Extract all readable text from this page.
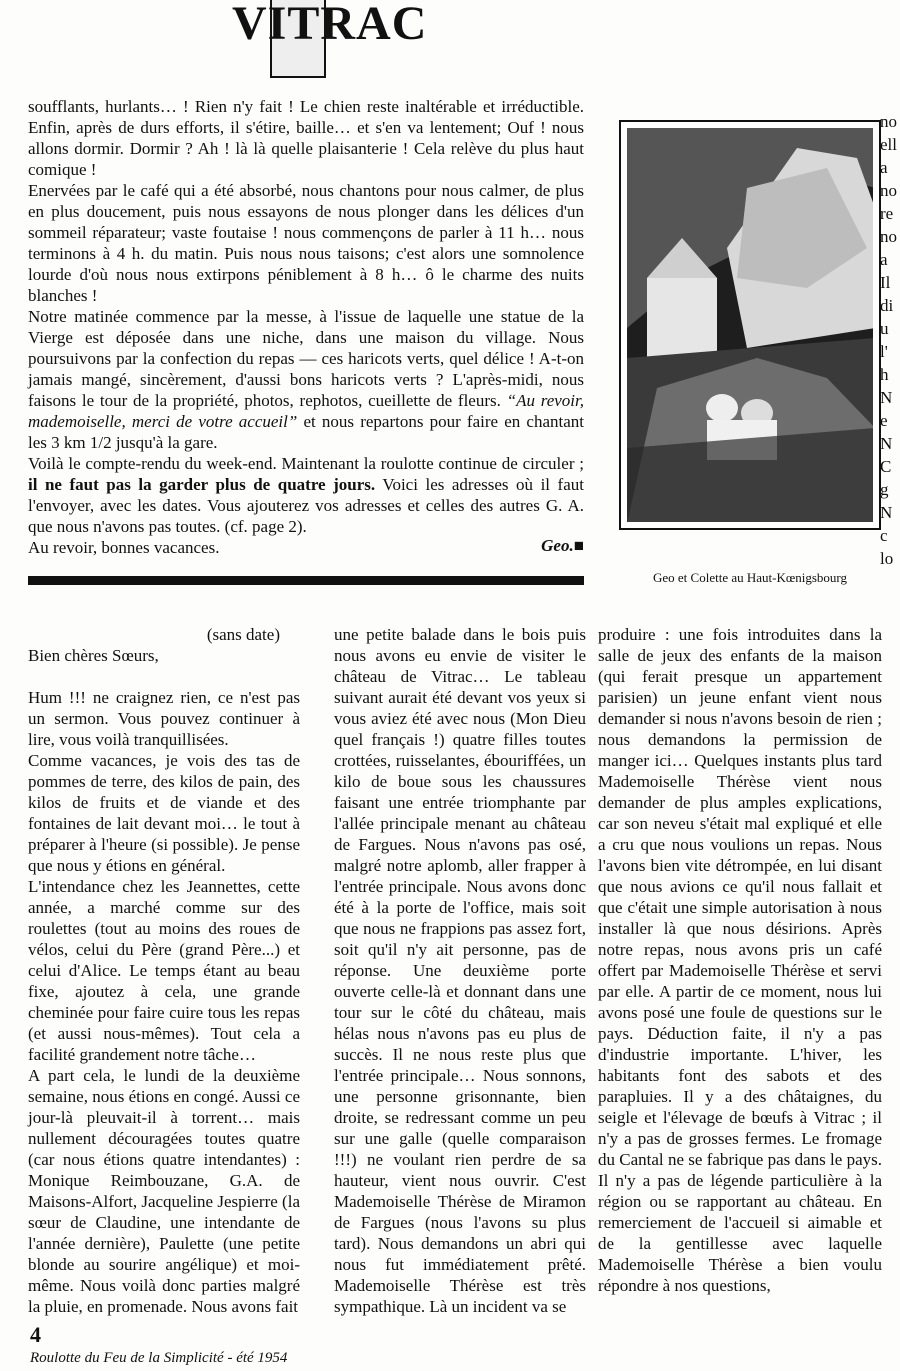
VITRAC

soufflants, hurlants… ! Rien n'y fait ! Le chien reste inaltérable et irréductible. Enfin, après de durs efforts, il s'étire, baille… et s'en va lentement; Ouf ! nous allons dormir. Dormir ? Ah ! là là quelle plaisanterie ! Cela relève du plus haut comique !

Enervées par le café qui a été absorbé, nous chantons pour nous calmer, de plus en plus doucement, puis nous essayons de nous plonger dans les délices d'un sommeil réparateur; vaste foutaise ! nous commençons de parler à 11 h… nous terminons à 4 h. du matin. Puis nous nous taisons; c'est alors une somnolence lourde d'où nous nous extirpons péniblement à 8 h… ô le charme des nuits blanches !

Notre matinée commence par la messe, à l'issue de laquelle une statue de la Vierge est déposée dans une niche, dans une maison du village. Nous poursuivons par la confection du repas — ces haricots verts, quel délice ! A-t-on jamais mangé, sincèrement, d'aussi bons haricots verts ? L'après-midi, nous faisons le tour de la propriété, photos, rephotos, cueillette de fleurs. “Au revoir, mademoiselle, merci de votre accueil” et nous repartons pour faire en chantant les 3 km 1/2 jusqu'à la gare.

Voilà le compte-rendu du week-end. Maintenant la roulotte continue de circuler ; il ne faut pas la garder plus de quatre jours. Voici les adresses où il faut l'envoyer, avec les dates. Vous ajouterez vos adresses et celles des autres G. A. que nous n'avons pas toutes. (cf. page 2).

Au revoir, bonnes vacances.	Geo.■
Geo et Colette au Haut-Kœnigsbourg
no
ell
a
no
re
no
a
Il
di
u
l'
h
N
e
N
C
g
N
c
lo

(sans date)

Bien chères Sœurs,

Hum !!! ne craignez rien, ce n'est pas un sermon. Vous pouvez continuer à lire, vous voilà tranquillisées.

Comme vacances, je vois des tas de pommes de terre, des kilos de pain, des kilos de fruits et de viande et des fontaines de lait devant moi… le tout à préparer à l'heure (si possible). Je pense que nous y étions en général.

L'intendance chez les Jeannettes, cette année, a marché comme sur des roulettes (tout au moins des roues de vélos, celui du Père (grand Père...) et celui d'Alice. Le temps étant au beau fixe, ajoutez à cela, une grande cheminée pour faire cuire tous les repas (et aussi nous-mêmes). Tout cela a facilité grandement notre tâche…

A part cela, le lundi de la deuxième semaine, nous étions en congé. Aussi ce jour-là pleuvait-il à torrent… mais nullement découragées toutes quatre (car nous étions quatre intendantes) : Monique Reimbouzane, G.A. de Maisons-Alfort, Jacqueline Jespierre (la sœur de Claudine, une intendante de l'année dernière), Paulette (une petite blonde au sourire angélique) et moi-même. Nous voilà donc parties malgré la pluie, en promenade. Nous avons fait

une petite balade dans le bois puis nous avons eu envie de visiter le château de Vitrac… Le tableau suivant aurait été devant vos yeux si vous aviez été avec nous (Mon Dieu quel français !) quatre filles toutes crottées, ruisselantes, ébouriffées, un kilo de boue sous les chaussures faisant une entrée triomphante par l'allée principale menant au château de Fargues. Nous n'avons pas osé, malgré notre aplomb, aller frapper à l'entrée principale. Nous avons donc été à la porte de l'office, mais soit que nous ne frappions pas assez fort, soit qu'il n'y ait personne, pas de réponse. Une deuxième porte ouverte celle-là et donnant dans une tour sur le côté du château, mais hélas nous n'avons pas eu plus de succès. Il ne nous reste plus que l'entrée principale… Nous sonnons, une personne grisonnante, bien droite, se redressant comme un peu sur une galle (quelle comparaison !!!) ne voulant rien perdre de sa hauteur, vient nous ouvrir. C'est Mademoiselle Thérèse de Miramon de Fargues (nous l'avons su plus tard). Nous demandons un abri qui nous fut immédiatement prêté. Mademoiselle Thérèse est très sympathique. Là un incident va se

produire : une fois introduites dans la salle de jeux des enfants de la maison (qui ferait presque un appartement parisien) un jeune enfant vient nous demander si nous n'avons besoin de rien ; nous demandons la permission de manger ici… Quelques instants plus tard Mademoiselle Thérèse vient nous demander de plus amples explications, car son neveu s'était mal expliqué et elle a cru que nous voulions un repas. Nous l'avons bien vite détrompée, en lui disant que nous avions ce qu'il nous fallait et que c'était une simple autorisation à nous installer là que nous désirions. Après notre repas, nous avons pris un café offert par Mademoiselle Thérèse et servi par elle. A partir de ce moment, nous lui avons posé une foule de questions sur le pays. Déduction faite, il n'y a pas d'industrie importante. L'hiver, les habitants font des sabots et des parapluies. Il y a des châtaignes, du seigle et l'élevage de bœufs à Vitrac ; il n'y a pas de grosses fermes. Le fromage du Cantal ne se fabrique pas dans le pays. Il n'y a pas de légende particulière à la région ou se rapportant au château. En remerciement de l'accueil si aimable et de la gentillesse avec laquelle Mademoiselle Thérèse a bien voulu répondre à nos questions,

4
Roulotte du Feu de la Simplicité - été 1954
